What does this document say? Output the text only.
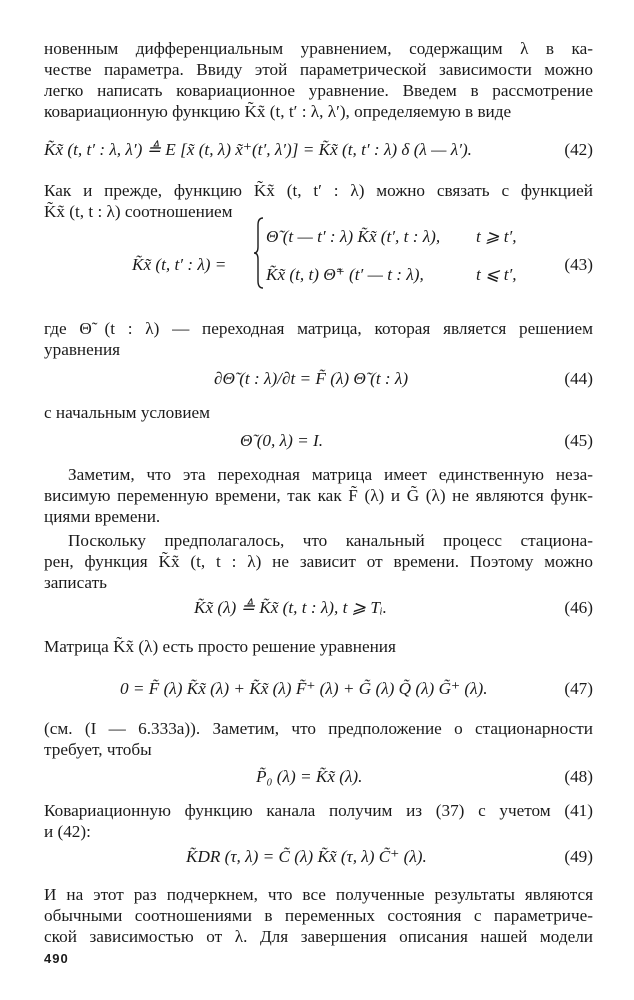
новенным дифференциальным уравнением, содержащим λ в ка-
честве параметра. Ввиду этой параметрической зависимости можно
легко написать ковариационное уравнение. Введем в рассмотрение
ковариационную функцию K̃x̃ (t, t′ : λ, λ′), определяемую в виде

K̃x̃ (t, t′ : λ, λ′) ≜ E [x̃ (t, λ) x̃⁺(t′, λ′)] = K̃x̃ (t, t′ : λ) δ (λ — λ′).	(42)

Как и прежде, функцию K̃x̃ (t, t′ : λ) можно связать с функцией
K̃x̃ (t, t : λ) соотношением

K̃x̃ (t, t′ : λ) =	(43)
Θ̃ (t — t′ : λ) K̃x̃ (t′, t : λ), t ⩾ t′,
K̃x̃ (t, t) Θ̃⁺ (t′ — t : λ),	t ⩽ t′,

где Θ̃ (t : λ) — переходная матрица, которая является решением
уравнения

∂Θ̃ (t : λ)/∂t = F̃ (λ) Θ̃ (t : λ)	(44)

с начальным условием

Θ̃ (0, λ) = I.	(45)

Заметим, что эта переходная матрица имеет единственную неза-
висимую переменную времени, так как F̃ (λ) и G̃ (λ) не являются функ-
циями времени.

Поскольку предполагалось, что канальный процесс стационa-
рен, функция K̃x̃ (t, t : λ) не зависит от времени. Поэтому можно
записать

K̃x̃ (λ) ≜ K̃x̃ (t, t : λ), t ⩾ Tᵢ.	(46)

Матрица K̃x̃ (λ) есть просто решение уравнения

0 = F̃ (λ) K̃x̃ (λ) + K̃x̃ (λ) F̃⁺ (λ) + G̃ (λ) Q̃ (λ) G̃⁺ (λ).	(47)

(см. (I — 6.333а)). Заметим, что предположение о стационарности
требует, чтобы

P̃₀ (λ) = K̃x̃ (λ).	(48)

Ковариационную функцию канала получим из (37) с учетом (41)
и (42):

K̃DR (τ, λ) = C̃ (λ) K̃x̃ (τ, λ) C̃⁺ (λ).	(49)

И на этот раз подчеркнем, что все полученные результаты являются
обычными соотношениями в переменных состояния с параметриче-
ской зависимостью от λ. Для завершения описания нашей модели

490
